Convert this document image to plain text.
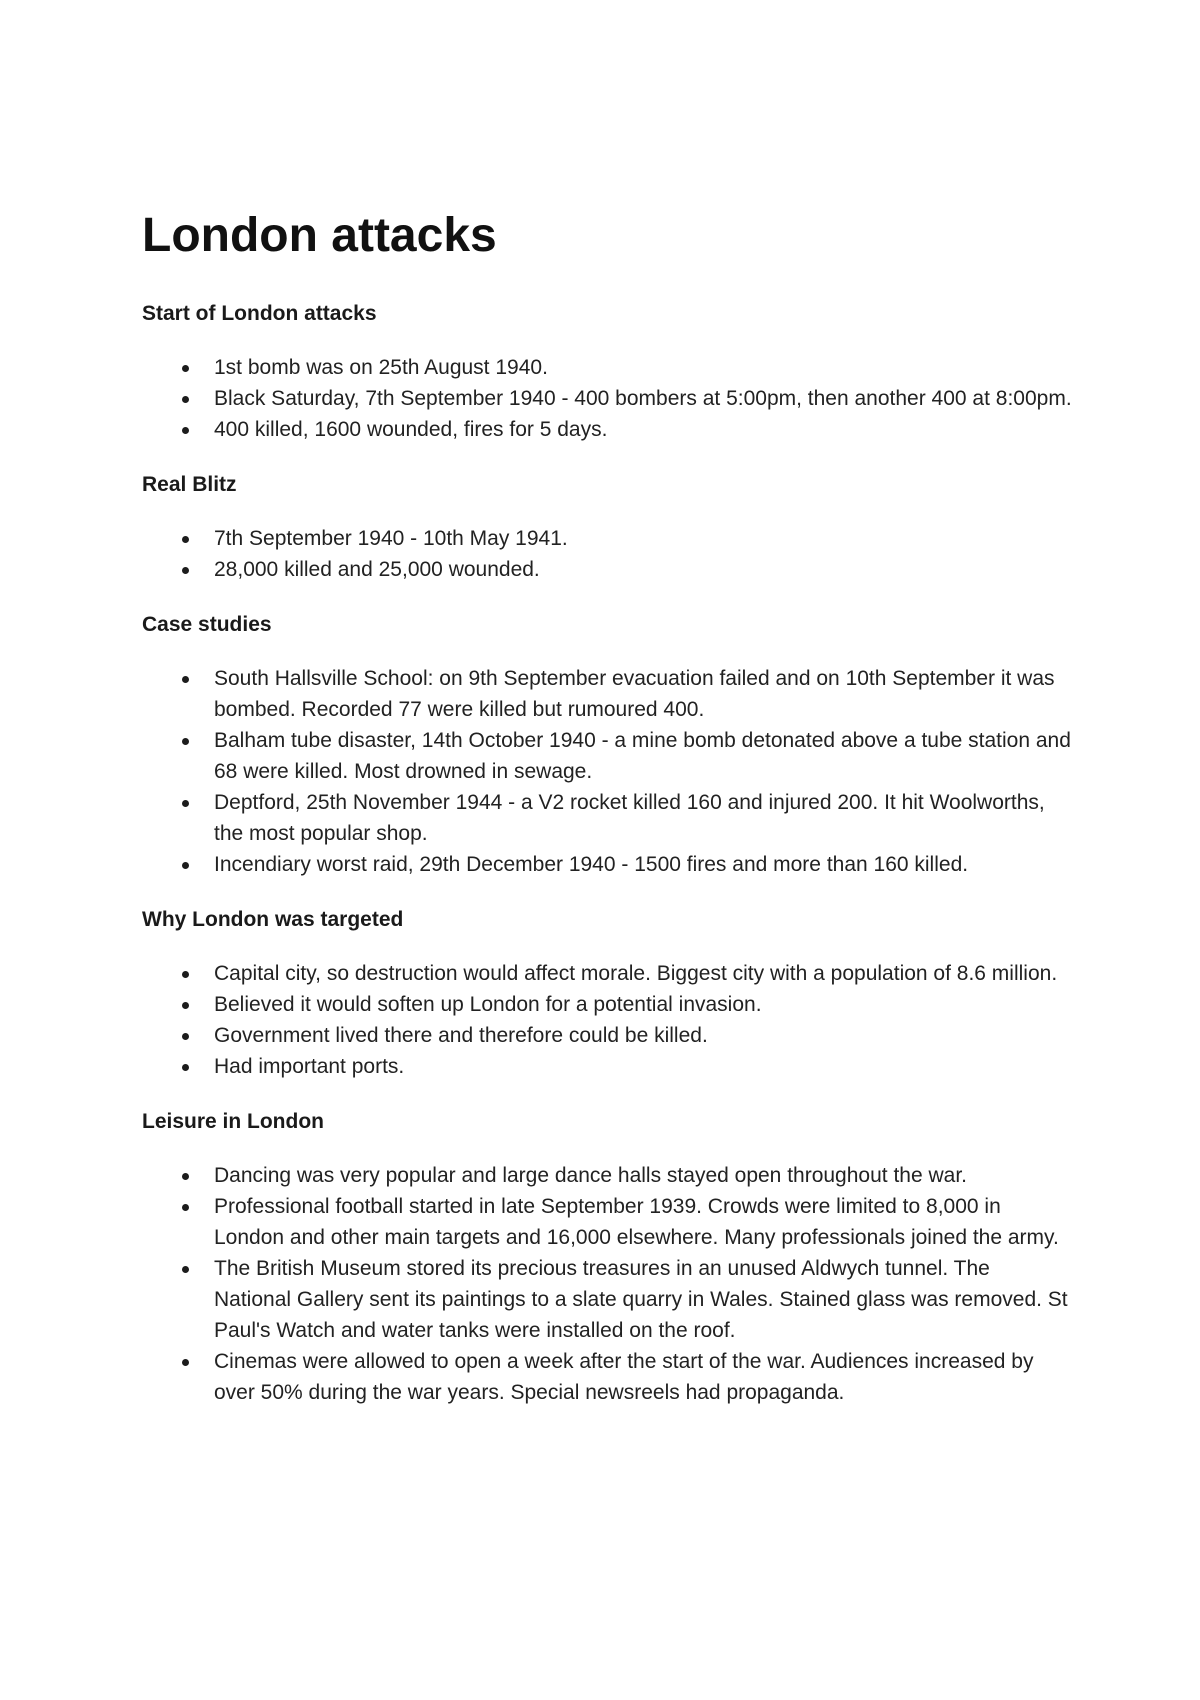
London attacks
Start of London attacks
1st bomb was on 25th August 1940.
Black Saturday, 7th September 1940 - 400 bombers at 5:00pm, then another 400 at 8:00pm.
400 killed, 1600 wounded, fires for 5 days.
Real Blitz
7th September 1940 - 10th May 1941.
28,000 killed and 25,000 wounded.
Case studies
South Hallsville School: on 9th September evacuation failed and on 10th September it was bombed. Recorded 77 were killed but rumoured 400.
Balham tube disaster, 14th October 1940 - a mine bomb detonated above a tube station and 68 were killed. Most drowned in sewage.
Deptford, 25th November 1944 - a V2 rocket killed 160 and injured 200. It hit Woolworths, the most popular shop.
Incendiary worst raid, 29th December 1940 - 1500 fires and more than 160 killed.
Why London was targeted
Capital city, so destruction would affect morale. Biggest city with a population of 8.6 million.
Believed it would soften up London for a potential invasion.
Government lived there and therefore could be killed.
Had important ports.
Leisure in London
Dancing was very popular and large dance halls stayed open throughout the war.
Professional football started in late September 1939. Crowds were limited to 8,000 in London and other main targets and 16,000 elsewhere. Many professionals joined the army.
The British Museum stored its precious treasures in an unused Aldwych tunnel. The National Gallery sent its paintings to a slate quarry in Wales. Stained glass was removed. St Paul's Watch and water tanks were installed on the roof.
Cinemas were allowed to open a week after the start of the war. Audiences increased by over 50% during the war years. Special newsreels had propaganda.
